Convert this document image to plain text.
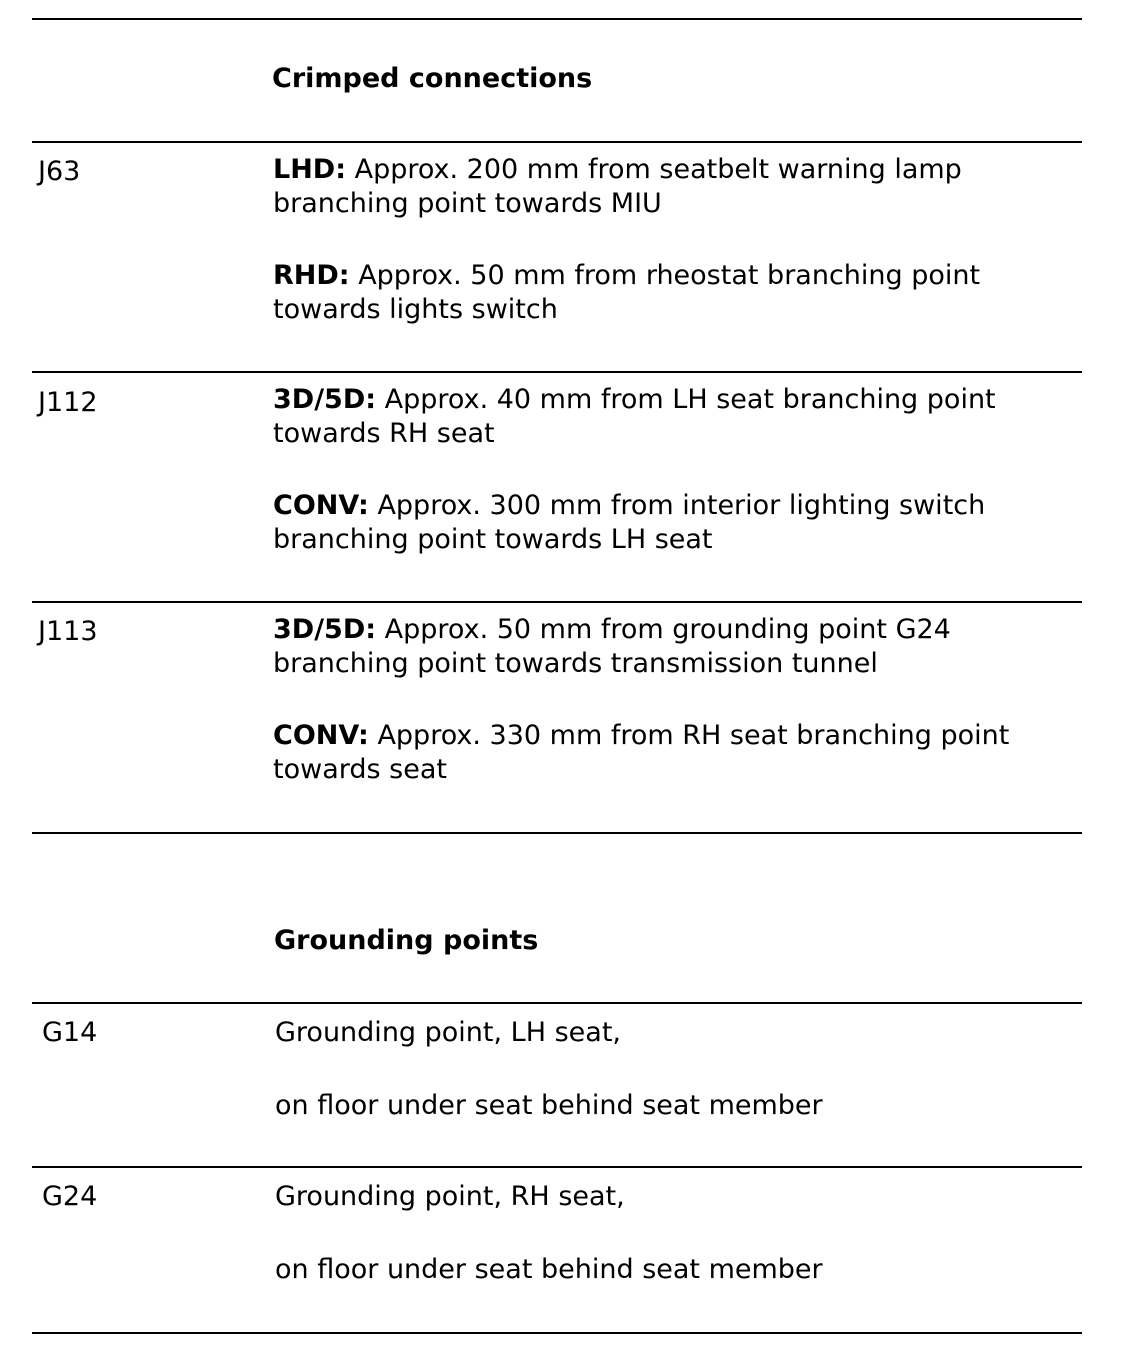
Crimped connections
J63	LHD: Approx. 200 mm from seatbelt warning lamp branching point towards MIU

RHD: Approx. 50 mm from rheostat branching point towards lights switch

J112	3D/5D: Approx. 40 mm from LH seat branching point towards RH seat

CONV: Approx. 300 mm from interior lighting switch branching point towards LH seat

J113	3D/5D: Approx. 50 mm from grounding point G24 branching point towards transmission tunnel

CONV: Approx. 330 mm from RH seat branching point towards seat

Grounding points
G14	Grounding point, LH seat,

on floor under seat behind seat member

G24	Grounding point, RH seat,

on floor under seat behind seat member
